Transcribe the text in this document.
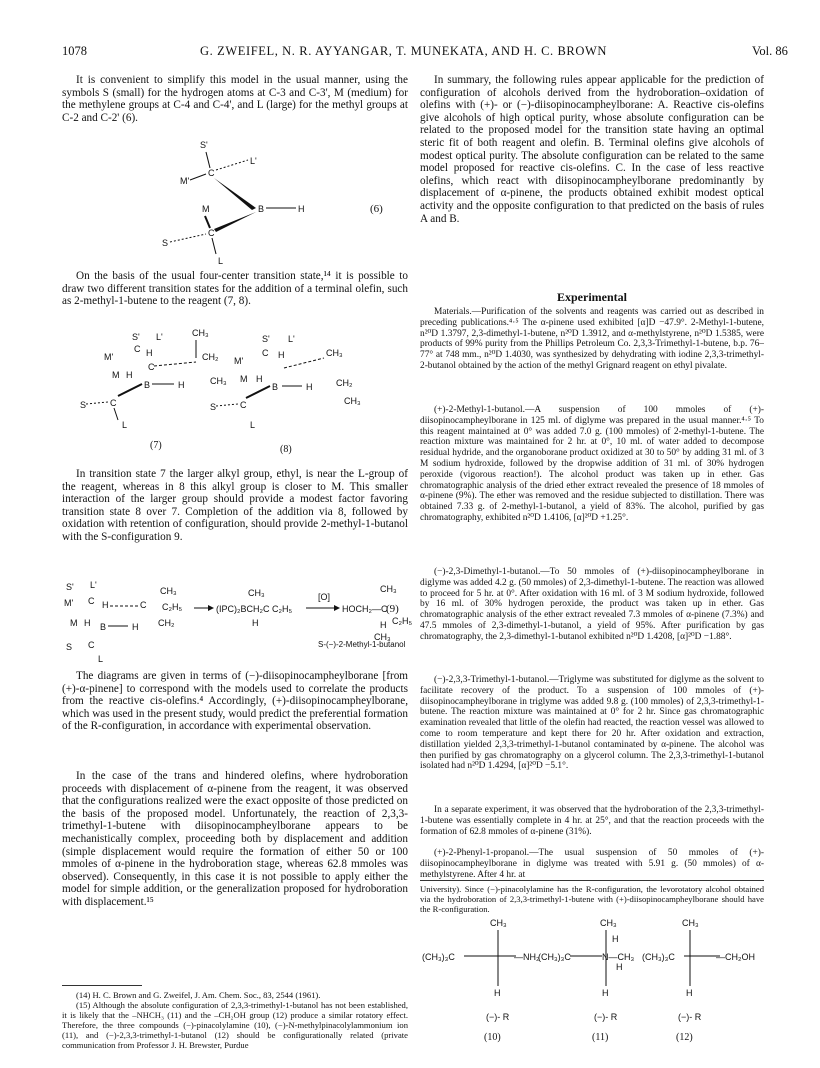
1078	G. ZWEIFEL, N. R. AYYANGAR, T. MUNEKATA, AND H. C. BROWN	Vol. 86

It is convenient to simplify this model in the usual manner, using the symbols S (small) for the hydrogen atoms at C-3 and C-3', M (medium) for the methylene groups at C-4 and C-4', and L (large) for the methyl groups at C-2 and C-2' (6).

S'
L'
M'
C
M	B	H
S
C
L
(6)

On the basis of the usual four-center transition state,¹⁴ it is possible to draw two different transition states for the addition of a terminal olefin, such as 2-methyl-1-butene to the reagent (7, 8).

S' L'	CH₃
M'
C H
C
CH₂
M H
B	H	CH₃
S	C
L
(7)
S' L'
M'
C H	CH₃
M H
B	H	CH₂
S	C
L
CH₃
(8)

In transition state 7 the larger alkyl group, ethyl, is near the L-group of the reagent, whereas in 8 this alkyl group is closer to M. This smaller interaction of the larger group should provide a modest factor favoring transition state 8 over 7. Completion of the addition via 8, followed by oxidation with retention of configuration, should provide 2-methyl-1-butanol with the S-configuration 9.

S' L'
CH₃
M' C H	C C₂H₅
M H B	H CH₂
S C
L
(IPC)₂BCH₂C C₂H₅
CH₃
H
[O]
HOCH₂—C
CH₃
H C₂H₅
CH₃
(9)
S-(−)-2-Methyl-1-butanol

The diagrams are given in terms of (−)-diisopinocampheylborane [from (+)-α-pinene] to correspond with the models used to correlate the products from the reactive cis-olefins.⁴ Accordingly, (+)-diisopinocampheylborane, which was used in the present study, would predict the preferential formation of the R-configuration, in accordance with experimental observation.

In the case of the trans and hindered olefins, where hydroboration proceeds with displacement of α-pinene from the reagent, it was observed that the configurations realized were the exact opposite of those predicted on the basis of the proposed model. Unfortunately, the reaction of 2,3,3-trimethyl-1-butene with diisopinocampheylborane appears to be mechanistically complex, proceeding both by displacement and addition (simple displacement would require the formation of either 50 or 100 mmoles of α-pinene in the hydroboration stage, whereas 62.8 mmoles was observed). Consequently, in this case it is not possible to apply either the model for simple addition, or the generalization proposed for hydroboration with displacement.¹⁵

(14) H. C. Brown and G. Zweifel, J. Am. Chem. Soc., 83, 2544 (1961).

(15) Although the absolute configuration of 2,3,3-trimethyl-1-butanol has not been established, it is likely that the –NHCH₃ (11) and the –CH₂OH group (12) produce a similar rotatory effect. Therefore, the three compounds (−)-pinacolylamine (10), (−)-N-methylpinacolylammonium ion (11), and (−)-2,3,3-trimethyl-1-butanol (12) should be configurationally related (private communication from Professor J. H. Brewster, Purdue

In summary, the following rules appear applicable for the prediction of configuration of alcohols derived from the hydroboration–oxidation of olefins with (+)- or (−)-diisopinocampheylborane: A. Reactive cis-olefins give alcohols of high optical purity, whose absolute configuration can be related to the proposed model for the transition state having an optimal steric fit of both reagent and olefin. B. Terminal olefins give alcohols of modest optical purity. The absolute configuration can be related to the same model proposed for reactive cis-olefins. C. In the case of less reactive olefins, which react with diisopinocampheylborane predominantly by displacement of α-pinene, the products obtained exhibit modest optical activity and the opposite configuration to that predicted on the basis of rules A and B.

Experimental

Materials.—Purification of the solvents and reagents was carried out as described in preceding publications.⁴·⁵ The α-pinene used exhibited [α]D −47.9°. 2-Methyl-1-butene, n²⁰D 1.3797, 2,3-dimethyl-1-butene, n²⁰D 1.3912, and α-methylstyrene, n²⁰D 1.5385, were products of 99% purity from the Phillips Petroleum Co. 2,3,3-Trimethyl-1-butene, b.p. 76–77° at 748 mm., n²⁰D 1.4030, was synthesized by dehydrating with iodine 2,3,3-trimethyl-2-butanol obtained by the action of the methyl Grignard reagent on ethyl pivalate.

(+)-2-Methyl-1-butanol.—A suspension of 100 mmoles of (+)-diisopinocampheylborane in 125 ml. of diglyme was prepared in the usual manner.⁴·⁵ To this reagent maintained at 0° was added 7.0 g. (100 mmoles) of 2-methyl-1-butene. The reaction mixture was maintained for 2 hr. at 0°, 10 ml. of water added to decompose residual hydride, and the organoborane product oxidized at 30 to 50° by adding 31 ml. of 3 M sodium hydroxide, followed by the dropwise addition of 31 ml. of 30% hydrogen peroxide (vigorous reaction!). The alcohol product was taken up in ether. Gas chromatographic analysis of the dried ether extract revealed the presence of 18 mmoles of α-pinene (9%). The ether was removed and the residue subjected to distillation. There was obtained 7.33 g. of 2-methyl-1-butanol, a yield of 83%. The alcohol, purified by gas chromatography, exhibited n²⁰D 1.4106, [α]²⁰D +1.25°.

(−)-2,3-Dimethyl-1-butanol.—To 50 mmoles of (+)-diisopinocampheylborane in diglyme was added 4.2 g. (50 mmoles) of 2,3-dimethyl-1-butene. The reaction was allowed to proceed for 5 hr. at 0°. After oxidation with 16 ml. of 3 M sodium hydroxide, followed by 16 ml. of 30% hydrogen peroxide, the product was taken up in ether. Gas chromatographic analysis of the ether extract revealed 7.3 mmoles of α-pinene (7.3%) and 47.5 mmoles of 2,3-dimethyl-1-butanol, a yield of 95%. After purification by gas chromatography, the 2,3-dimethyl-1-butanol exhibited n²⁰D 1.4208, [α]²⁰D −1.88°.

(−)-2,3,3-Trimethyl-1-butanol.—Triglyme was substituted for diglyme as the solvent to facilitate recovery of the product. To a suspension of 100 mmoles of (+)-diisopinocampheylborane in triglyme was added 9.8 g. (100 mmoles) of 2,3,3-trimethyl-1-butene. The reaction mixture was maintained at 0° for 2 hr. Since gas chromatographic examination revealed that little of the olefin had reacted, the reaction vessel was allowed to come to room temperature and kept there for 20 hr. After oxidation and extraction, distillation yielded 2,3,3-trimethyl-1-butanol contaminated by α-pinene. The alcohol was then purified by gas chromatography on a glycerol column. The 2,3,3-trimethyl-1-butanol isolated had n²⁰D 1.4294, [α]²⁰D −5.1°.

In a separate experiment, it was observed that the hydroboration of the 2,3,3-trimethyl-1-butene was essentially complete in 4 hr. at 25°, and that the reaction proceeds with the formation of 62.8 mmoles of α-pinene (31%).

(+)-2-Phenyl-1-propanol.—The usual suspension of 50 mmoles of (+)-diisopinocampheylborane in diglyme was treated with 5.91 g. (50 mmoles) of α-methylstyrene. After 4 hr. at

University). Since (−)-pinacolylamine has the R-configuration, the levorotatory alcohol obtained via the hydroboration of 2,3,3-trimethyl-1-butene with (+)-diisopinocampheylborane should have the R-configuration.

CH₃
(CH₃)₃C	—NH₂
H
(−)- R
(10)
CH₃
H
H
(CH₃)₃C	N—CH₃
H
(−)- R
(11)
CH₃
(CH₃)₃C	—CH₂OH
H
(−)- R
(12)
